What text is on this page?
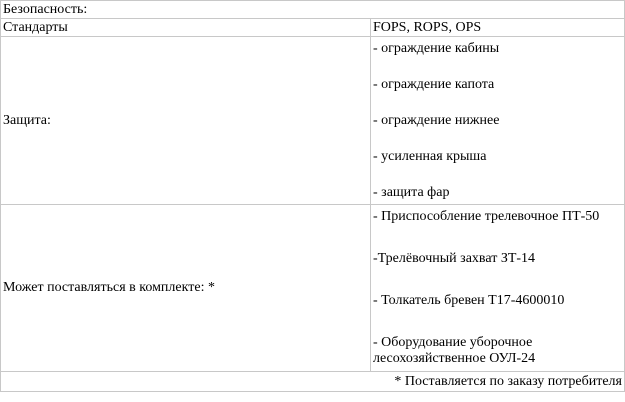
Безопасность:	
Стандарты	FOPS, ROPS, OPS
Защита:	- ограждение кабины
- ограждение капота
- ограждение нижнее
- усиленная крыша
- защита фар

Может поставляться в комплекте: *	- Приспособление трелевочное ПТ-50
-Трелёвочный захват ЗТ-14
- Толкатель бревен Т17-4600010
- Оборудование уборочное лесохозяйственное ОУЛ-24

* Поставляется по заказу потребителя	
